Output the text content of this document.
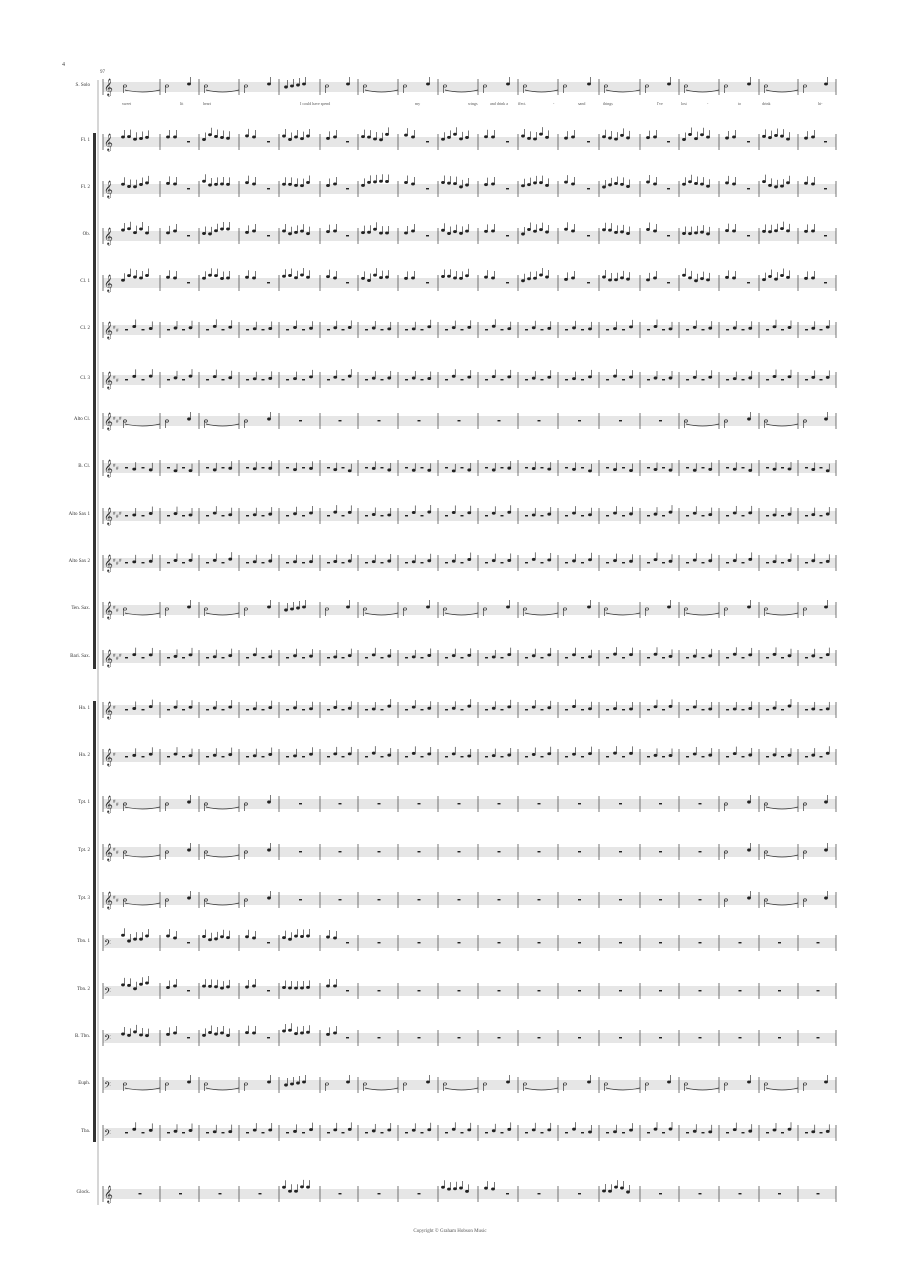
𝄞
𝄞
𝄞
𝄞
𝄞
𝄞 #
#
𝄞 #
#
𝄞 #
#
#
𝄞 #
#
𝄞 #
#
#
𝄞 #
#
#
𝄞 #
#
𝄞 #
#
#
𝄞 #
𝄞 #
𝄞 #
#
𝄞 #
#
𝄞 #
#
𝄢
𝄢
𝄢
𝄢
𝄢
𝄞
4
97
S. Solo
Fl. 1
Fl. 2
Ob.
Cl. 1
Cl. 2
Cl. 3
Alto Cl.
B. Cl.
Alto Sax 1
Alto Sax 2
Ten. Sax.
Bari. Sax.
Hn. 1
Hn. 2
Tpt. 1
Tpt. 2
Tpt. 3
Tbn. 1
Tbn. 2
B. Tbn.
Euph.
Tba.
Glock.
sweet	lit	heart	I could have spend	my	wings	and drink a	ffect.	-	sand	things	I've	lost	-	to	drink	hi-
Copyright © Graham Hobson Music
